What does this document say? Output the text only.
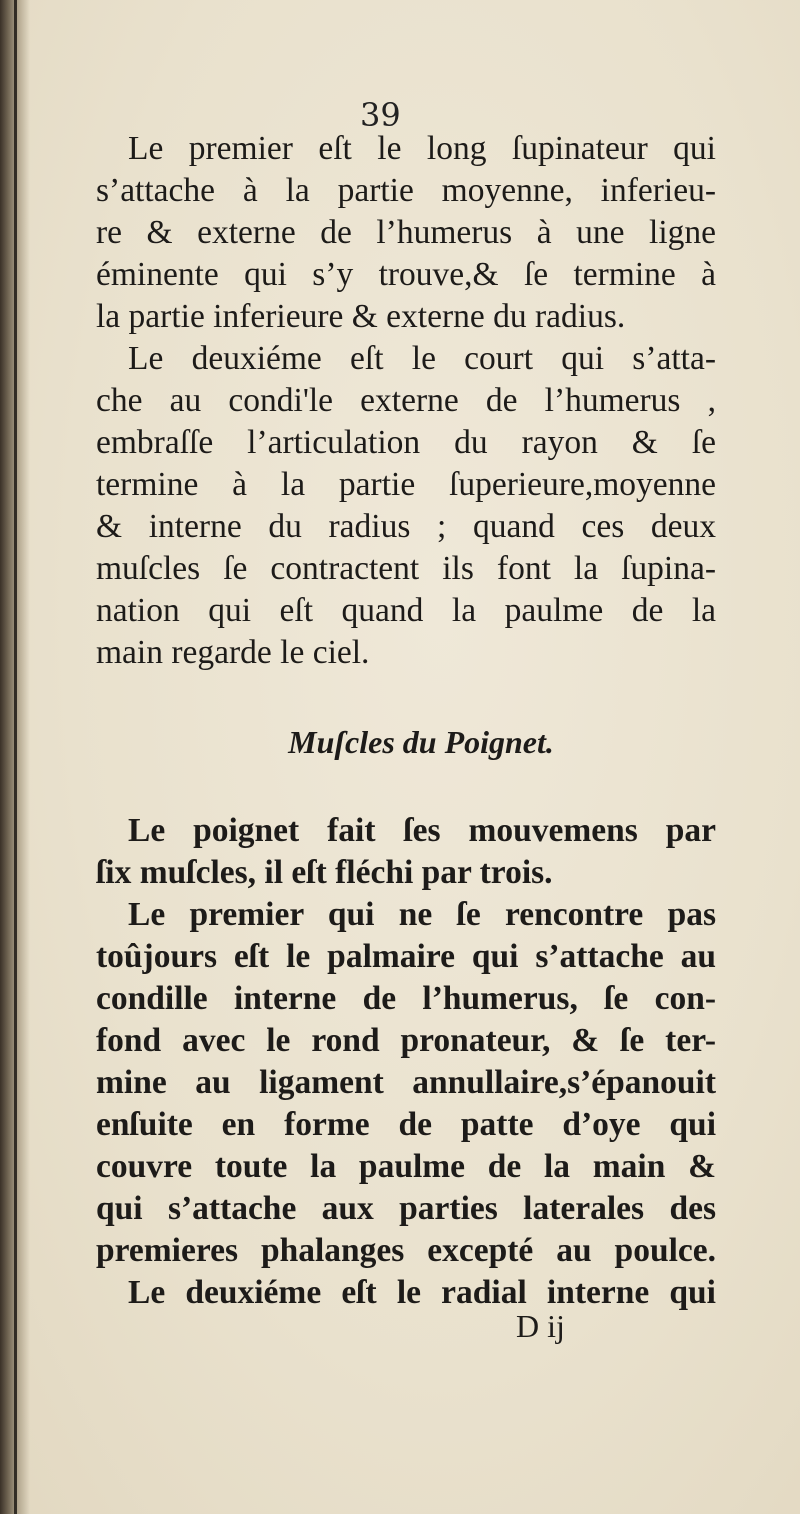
39
Le premier eſt le long ſupinateur qui
s’attache à la partie moyenne, inferieu-
re & externe de l’humerus à une ligne
éminente qui s’y trouve,& ſe termine à
la partie inferieure & externe du radius.
Le deuxiéme eſt le court qui s’atta-
che au condi'le externe de l’humerus ,
embraſſe l’articulation du rayon & ſe
termine à la partie ſuperieure,moyenne
& interne du radius ; quand ces deux
muſcles ſe contractent ils font la ſupina-
nation qui eſt quand la paulme de la
main regarde le ciel.
Muſcles du Poignet.
Le poignet fait ſes mouvemens par
ſix muſcles, il eſt fléchi par trois.
Le premier qui ne ſe rencontre pas
toûjours eſt le palmaire qui s’attache au
condille interne de l’humerus, ſe con-
fond avec le rond pronateur, & ſe ter-
mine au ligament annullaire,s’épanouit
enſuite en forme de patte d’oye qui
couvre toute la paulme de la main &
qui s’attache aux parties laterales des
premieres phalanges excepté au poulce.
Le deuxiéme eſt le radial interne qui
D ij
